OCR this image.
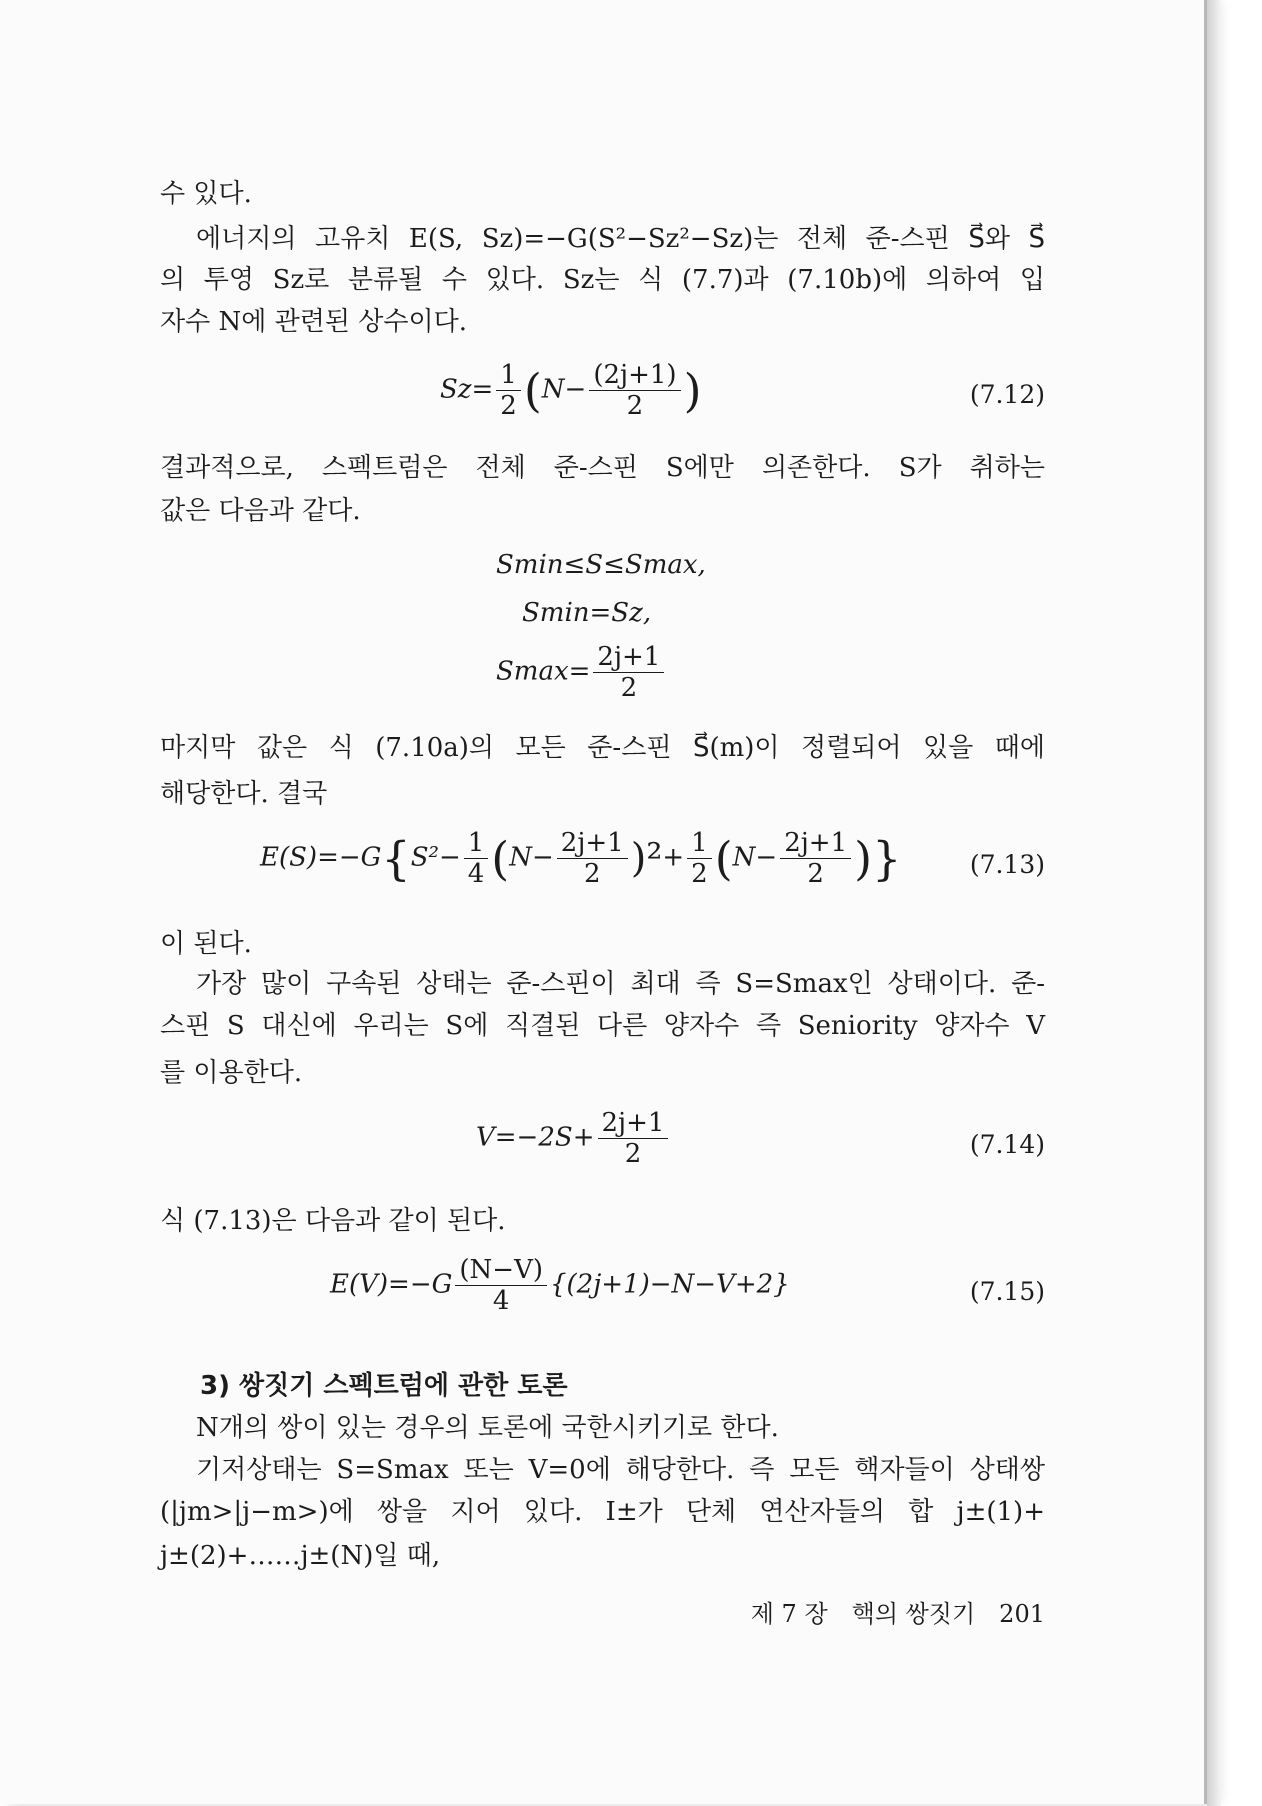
수 있다.
에너지의 고유치 E(S, Sz)=−G(S²−Sz²−Sz)는 전체 준-스핀 S⃗와 S⃗
의 투영 Sz로 분류될 수 있다. Sz는 식 (7.7)과 (7.10b)에 의하여 입
자수 N에 관련된 상수이다.
$Sz= \frac{1}{2} (N- \frac{(2j+1)}{2}$ )	(7.12)
결과적으로, 스펙트럼은 전체 준-스핀 S에만 의존한다. S가 취하는
값은 다음과 같다.
Smin≤S≤Smax,
Smin=Sz,
$Smax= \frac{2j+1}{2}$
마지막 값은 식 (7.10a)의 모든 준-스핀 S⃗(m)이 정렬되어 있을 때에
해당한다. 결국
$E(S)=-G\{S^2- \frac{1}{4} (N- \frac{2j+1}{2} )^2+ \frac{1}{2} (N- \frac{2j+1}{2}$ )}	(7.13)
이 된다.
가장 많이 구속된 상태는 준-스핀이 최대 즉 S=Smax인 상태이다. 준-
스핀 S 대신에 우리는 S에 직결된 다른 양자수 즉 Seniority 양자수 V
를 이용한다.
$V=-2S+ \frac{2j+1}{2}$	(7.14)
식 (7.13)은 다음과 같이 된다.
$E(V)=-G \frac{(N-V)}{4} \{(2j+1)-N-V+2\}$	(7.15)
3) 쌍짓기 스펙트럼에 관한 토론
N개의 쌍이 있는 경우의 토론에 국한시키기로 한다.
기저상태는 S=Smax 또는 V=0에 해당한다. 즉 모든 핵자들이 상태쌍
(|jm>|j−m>)에 쌍을 지어 있다. I±가 단체 연산자들의 합 j±(1)+
j±(2)+……j±(N)일 때,
제 7 장　핵의 쌍짓기　201
